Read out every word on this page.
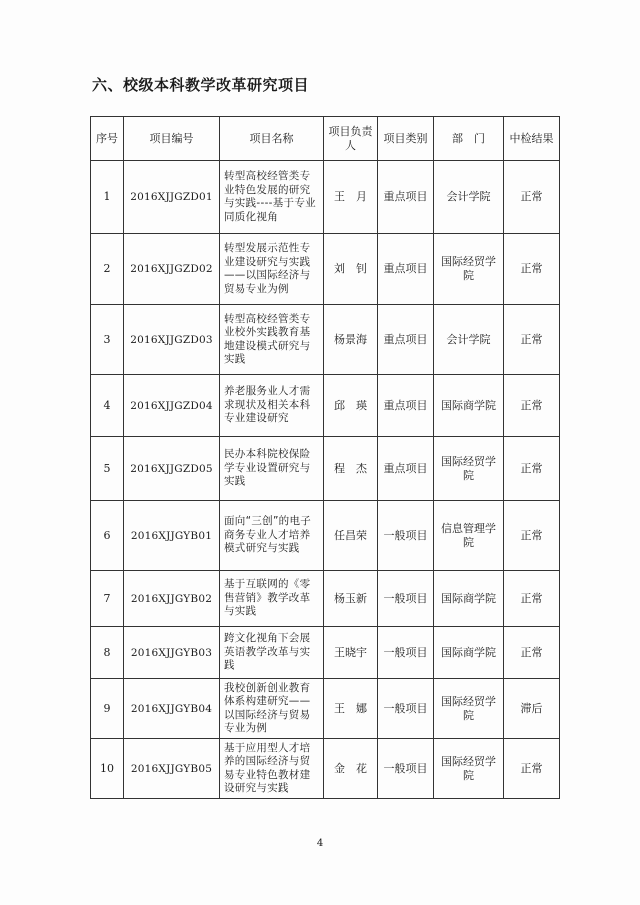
六、校级本科教学改革研究项目
序号	项目编号	项目名称	项目负责人	项目类别	部　门	中检结果
1	2016XJJGZD01	转型高校经管类专业特色发展的研究与实践----基于专业同质化视角	王　月	重点项目	会计学院	正常
2	2016XJJGZD02	转型发展示范性专业建设研究与实践——以国际经济与贸易专业为例	刘　钊	重点项目	国际经贸学院	正常
3	2016XJJGZD03	转型高校经管类专业校外实践教育基地建设模式研究与实践	杨景海	重点项目	会计学院	正常
4	2016XJJGZD04	养老服务业人才需求现状及相关本科专业建设研究	邱　瑛	重点项目	国际商学院	正常
5	2016XJJGZD05	民办本科院校保险学专业设置研究与实践	程　杰	重点项目	国际经贸学院	正常
6	2016XJJGYB01	面向“三创”的电子商务专业人才培养模式研究与实践	任昌荣	一般项目	信息管理学院	正常
7	2016XJJGYB02	基于互联网的《零售营销》教学改革与实践	杨玉新	一般项目	国际商学院	正常
8	2016XJJGYB03	跨文化视角下会展英语教学改革与实践	王晓宇	一般项目	国际商学院	正常
9	2016XJJGYB04	我校创新创业教育体系构建研究——以国际经济与贸易专业为例	王　娜	一般项目	国际经贸学院	滞后
10	2016XJJGYB05	基于应用型人才培养的国际经济与贸易专业特色教材建设研究与实践	金　花	一般项目	国际经贸学院	正常
4
